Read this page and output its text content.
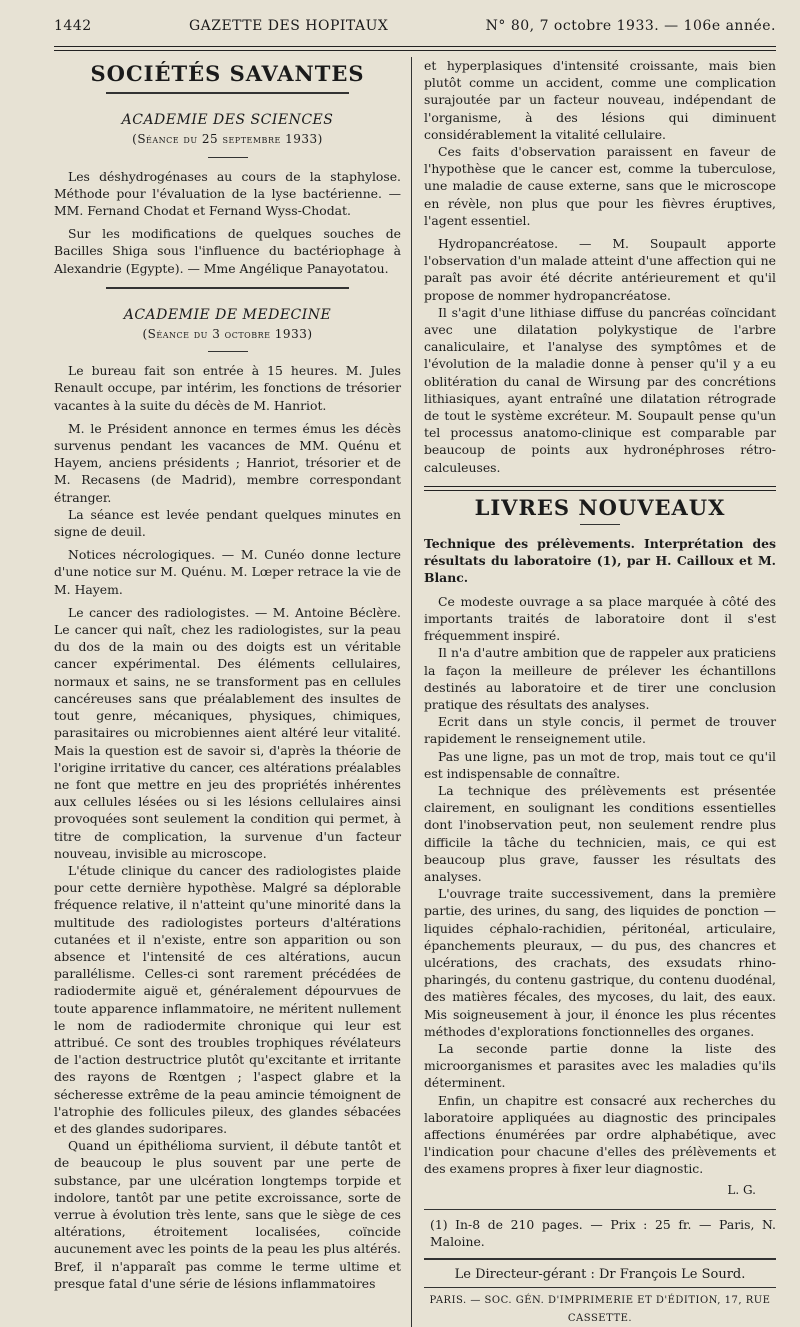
1442	GAZETTE DES HOPITAUX	N° 80, 7 octobre 1933. — 106e année.
SOCIÉTÉS SAVANTES
ACADEMIE DES SCIENCES
(Séance du 25 septembre 1933)

Les déshydrogénases au cours de la staphylose. Méthode pour l'évaluation de la lyse bactérienne. — MM. Fernand Chodat et Fernand Wyss-Chodat.

Sur les modifications de quelques souches de Bacilles Shiga sous l'influence du bactériophage à Alexandrie (Egypte). — Mme Angélique Panayotatou.

ACADEMIE DE MEDECINE
(Séance du 3 octobre 1933)

Le bureau fait son entrée à 15 heures. M. Jules Renault occupe, par intérim, les fonctions de trésorier vacantes à la suite du décès de M. Hanriot.

M. le Président annonce en termes émus les décès survenus pendant les vacances de MM. Quénu et Hayem, anciens présidents ; Hanriot, trésorier et de M. Recasens (de Madrid), membre correspondant étranger.

La séance est levée pendant quelques minutes en signe de deuil.

Notices nécrologiques. — M. Cunéo donne lecture d'une notice sur M. Quénu. M. Lœper retrace la vie de M. Hayem.

Le cancer des radiologistes. — M. Antoine Béclère. Le cancer qui naît, chez les radiologistes, sur la peau du dos de la main ou des doigts est un véritable cancer expérimental. Des éléments cellulaires, normaux et sains, ne se transforment pas en cellules cancéreuses sans que préalablement des insultes de tout genre, mécaniques, physiques, chimiques, parasitaires ou microbiennes aient altéré leur vitalité. Mais la question est de savoir si, d'après la théorie de l'origine irritative du cancer, ces altérations préalables ne font que mettre en jeu des propriétés inhérentes aux cellules lésées ou si les lésions cellulaires ainsi provoquées sont seulement la condition qui permet, à titre de complication, la survenue d'un facteur nouveau, invisible au microscope.

L'étude clinique du cancer des radiologistes plaide pour cette dernière hypothèse. Malgré sa déplorable fréquence relative, il n'atteint qu'une minorité dans la multitude des radiologistes porteurs d'altérations cutanées et il n'existe, entre son apparition ou son absence et l'intensité de ces altérations, aucun parallélisme. Celles-ci sont rarement précédées de radiodermite aiguë et, généralement dépourvues de toute apparence inflammatoire, ne méritent nullement le nom de radiodermite chronique qui leur est attribué. Ce sont des troubles trophiques révélateurs de l'action destructrice plutôt qu'excitante et irritante des rayons de Rœntgen ; l'aspect glabre et la sécheresse extrême de la peau amincie témoignent de l'atrophie des follicules pileux, des glandes sébacées et des glandes sudoripares.

Quand un épithélioma survient, il débute tantôt et de beaucoup le plus souvent par une perte de substance, par une ulcération longtemps torpide et indolore, tantôt par une petite excroissance, sorte de verrue à évolution très lente, sans que le siège de ces altérations, étroitement localisées, coïncide aucunement avec les points de la peau les plus altérés. Bref, il n'apparaît pas comme le terme ultime et presque fatal d'une série de lésions inflammatoires

et hyperplasiques d'intensité croissante, mais bien plutôt comme un accident, comme une complication surajoutée par un facteur nouveau, indépendant de l'organisme, à des lésions qui diminuent considérablement la vitalité cellulaire.

Ces faits d'observation paraissent en faveur de l'hypothèse que le cancer est, comme la tuberculose, une maladie de cause externe, sans que le microscope en révèle, non plus que pour les fièvres éruptives, l'agent essentiel.

Hydropancréatose. — M. Soupault apporte l'observation d'un malade atteint d'une affection qui ne paraît pas avoir été décrite antérieurement et qu'il propose de nommer hydropancréatose.

Il s'agit d'une lithiase diffuse du pancréas coïncidant avec une dilatation polykystique de l'arbre canaliculaire, et l'analyse des symptômes et de l'évolution de la maladie donne à penser qu'il y a eu oblitération du canal de Wirsung par des concrétions lithiasiques, ayant entraîné une dilatation rétrograde de tout le système excréteur. M. Soupault pense qu'un tel processus anatomo-clinique est comparable par beaucoup de points aux hydronéphroses rétro-calculeuses.

LIVRES NOUVEAUX

Technique des prélèvements. Interprétation des résultats du laboratoire (1), par H. Cailloux et M. Blanc.

Ce modeste ouvrage a sa place marquée à côté des importants traités de laboratoire dont il s'est fréquemment inspiré.

Il n'a d'autre ambition que de rappeler aux praticiens la façon la meilleure de prélever les échantillons destinés au laboratoire et de tirer une conclusion pratique des résultats des analyses.

Ecrit dans un style concis, il permet de trouver rapidement le renseignement utile.

Pas une ligne, pas un mot de trop, mais tout ce qu'il est indispensable de connaître.

La technique des prélèvements est présentée clairement, en soulignant les conditions essentielles dont l'inobservation peut, non seulement rendre plus difficile la tâche du technicien, mais, ce qui est beaucoup plus grave, fausser les résultats des analyses.

L'ouvrage traite successivement, dans la première partie, des urines, du sang, des liquides de ponction — liquides céphalo-rachidien, péritonéal, articulaire, épanchements pleuraux, — du pus, des chancres et ulcérations, des crachats, des exsudats rhino-pharingés, du contenu gastrique, du contenu duodénal, des matières fécales, des mycoses, du lait, des eaux. Mis soigneusement à jour, il énonce les plus récentes méthodes d'explorations fonctionnelles des organes.

La seconde partie donne la liste des microorganismes et parasites avec les maladies qu'ils déterminent.

Enfin, un chapitre est consacré aux recherches du laboratoire appliquées au diagnostic des principales affections énumérées par ordre alphabétique, avec l'indication pour chacune d'elles des prélèvements et des examens propres à fixer leur diagnostic.

L. G.
(1) In-8 de 210 pages. — Prix : 25 fr. — Paris, N. Maloine.
Le Directeur-gérant : Dr François Le Sourd.
PARIS. — SOC. GÉN. D'IMPRIMERIE ET D'ÉDITION, 17, RUE CASSETTE.
